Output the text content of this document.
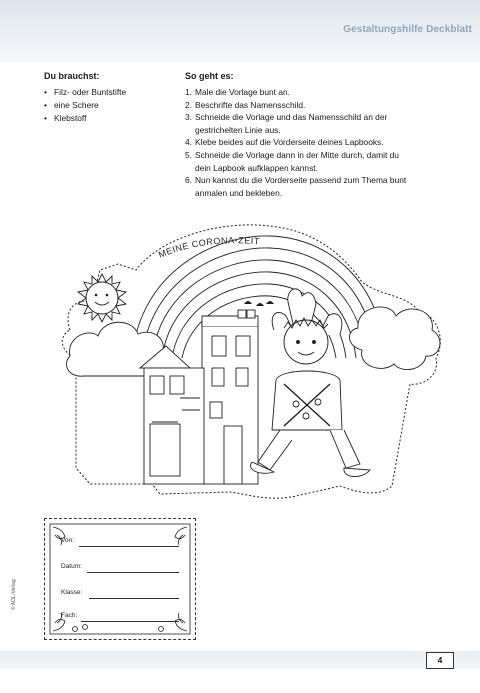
Gestaltungshilfe Deckblatt
Du brauchst:
• Filz- oder Buntstifte
• eine Schere
• Klebstoff
So geht es:
1. Male die Vorlage bunt an.
2. Beschrifte das Namensschild.
3. Schneide die Vorlage und das Namensschild an der
gestrichelten Linie aus.
4. Klebe beides auf die Vorderseite deines Lapbooks.
5. Schneide die Vorlage dann in der Mitte durch, damit du
dein Lapbook aufklappen kannst.
6. Nun kannst du die Vorderseite passend zum Thema bunt
anmalen und bekleben.
MEINE CORONA-ZEIT
Von:
Datum:
Klasse:
Fach:
© AOL-Verlag
4
